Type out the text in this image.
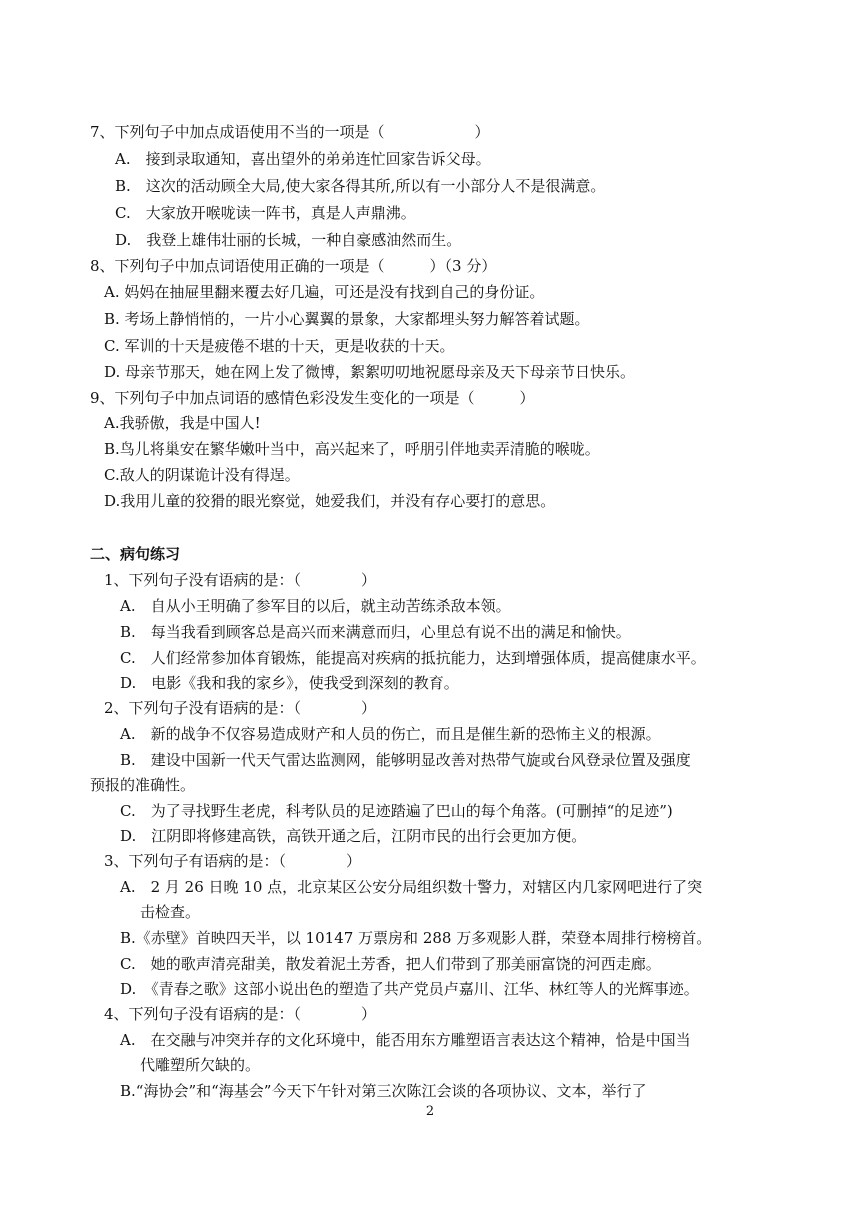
7、下列句子中加点成语使用不当的一项是（　　　　　　）
A.　接到录取通知，喜出望外的弟弟连忙回家告诉父母。
B.　这次的活动顾全大局,使大家各得其所,所以有一小部分人不是很满意。
C.　大家放开喉咙读一阵书，真是人声鼎沸。
D.　我登上雄伟壮丽的长城，一种自豪感油然而生。
8、下列句子中加点词语使用正确的一项是（　　　）（3 分）
A. 妈妈在抽屉里翻来覆去好几遍，可还是没有找到自己的身份证。
B. 考场上静悄悄的，一片小心翼翼的景象，大家都埋头努力解答着试题。
C. 军训的十天是疲倦不堪的十天，更是收获的十天。
D. 母亲节那天，她在网上发了微博，絮絮叨叨地祝愿母亲及天下母亲节日快乐。
9、下列句子中加点词语的感情色彩没发生变化的一项是（　　　）
A.我骄傲，我是中国人!
B.鸟儿将巢安在繁华嫩叶当中，高兴起来了，呼朋引伴地卖弄清脆的喉咙。
C.敌人的阴谋诡计没有得逞。
D.我用儿童的狡猾的眼光察觉，她爱我们，并没有存心要打的意思。
二、病句练习
1、下列句子没有语病的是：（　　　　）
A.　自从小王明确了参军目的以后，就主动苦练杀敌本领。
B.　每当我看到顾客总是高兴而来满意而归，心里总有说不出的满足和愉快。
C.　人们经常参加体育锻炼，能提高对疾病的抵抗能力，达到增强体质，提高健康水平。
D.　电影《我和我的家乡》，使我受到深刻的教育。
2、下列句子没有语病的是：（　　　　）
A.　新的战争不仅容易造成财产和人员的伤亡，而且是催生新的恐怖主义的根源。
B.　建设中国新一代天气雷达监测网，能够明显改善对热带气旋或台风登录位置及强度
预报的准确性。
C.　为了寻找野生老虎，科考队员的足迹踏遍了巴山的每个角落。(可删掉“的足迹”)
D.　江阴即将修建高铁，高铁开通之后，江阴市民的出行会更加方便。
3、下列句子有语病的是：（　　　　）
A.　2 月 26 日晚 10 点，北京某区公安分局组织数十警力，对辖区内几家网吧进行了突
击检查。
B.《赤壁》首映四天半，以 10147 万票房和 288 万多观影人群，荣登本周排行榜榜首。
C.　她的歌声清亮甜美，散发着泥土芳香，把人们带到了那美丽富饶的河西走廊。
D.　《青春之歌》这部小说出色的塑造了共产党员卢嘉川、江华、林红等人的光辉事迹。
4、下列句子没有语病的是：（　　　　）
A.　在交融与冲突并存的文化环境中，能否用东方雕塑语言表达这个精神，恰是中国当
代雕塑所欠缺的。
B.“海协会”和“海基会”今天下午针对第三次陈江会谈的各项协议、文本，举行了
2
